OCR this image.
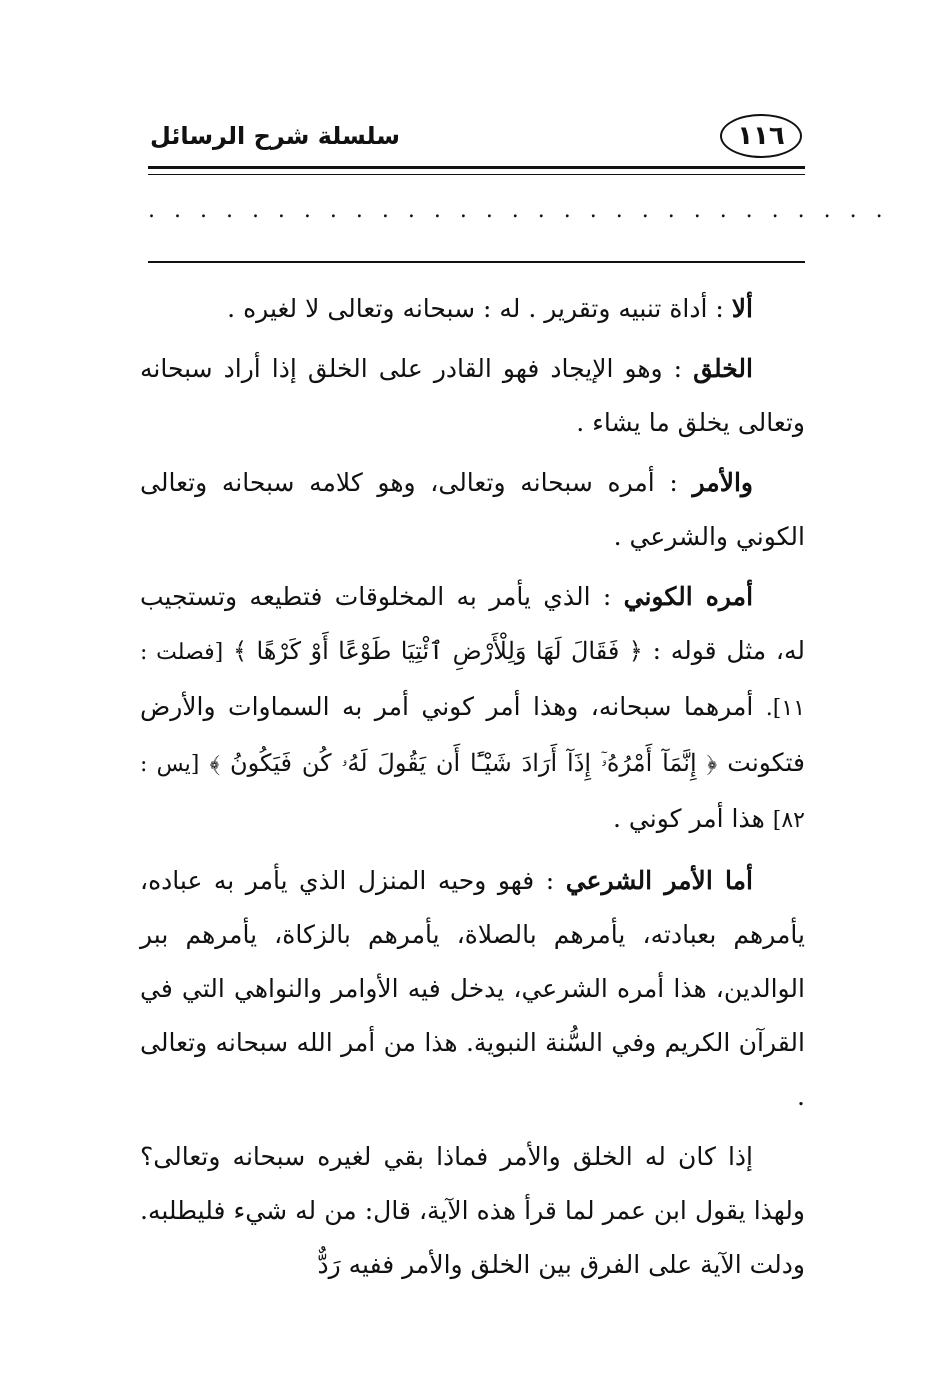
سلسلة شرح الرسائل	١١٦
. . . . . . . . . . . . . . . . . . . . . . . . . . . . .

ألا : أداة تنبيه وتقرير . له : سبحانه وتعالى لا لغيره .

الخلق : وهو الإيجاد فهو القادر على الخلق إذا أراد سبحانه وتعالى يخلق ما يشاء .

والأمر : أمره سبحانه وتعالى، وهو كلامه سبحانه وتعالى الكوني والشرعي .

أمره الكوني : الذي يأمر به المخلوقات فتطيعه وتستجيب له، مثل قوله : ﴿ فَقَالَ لَهَا وَلِلْأَرْضِ ٱئْتِيَا طَوْعًا أَوْ كَرْهًا ﴾ [فصلت : ١١]. أمرهما سبحانه، وهذا أمر كوني أمر به السماوات والأرض فتكونت ﴿ إِنَّمَآ أَمْرُهُۥٓ إِذَآ أَرَادَ شَيْـًٔا أَن يَقُولَ لَهُۥ كُن فَيَكُونُ ﴾ [يس : ٨٢] هذا أمر كوني .

أما الأمر الشرعي : فهو وحيه المنزل الذي يأمر به عباده، يأمرهم بعبادته، يأمرهم بالصلاة، يأمرهم بالزكاة، يأمرهم ببر الوالدين، هذا أمره الشرعي، يدخل فيه الأوامر والنواهي التي في القرآن الكريم وفي السُّنة النبوية. هذا من أمر الله سبحانه وتعالى .

إذا كان له الخلق والأمر فماذا بقي لغيره سبحانه وتعالى؟ ولهذا يقول ابن عمر لما قرأ هذه الآية، قال: من له شيء فليطلبه. ودلت الآية على الفرق بين الخلق والأمر ففيه رَدٌّ
